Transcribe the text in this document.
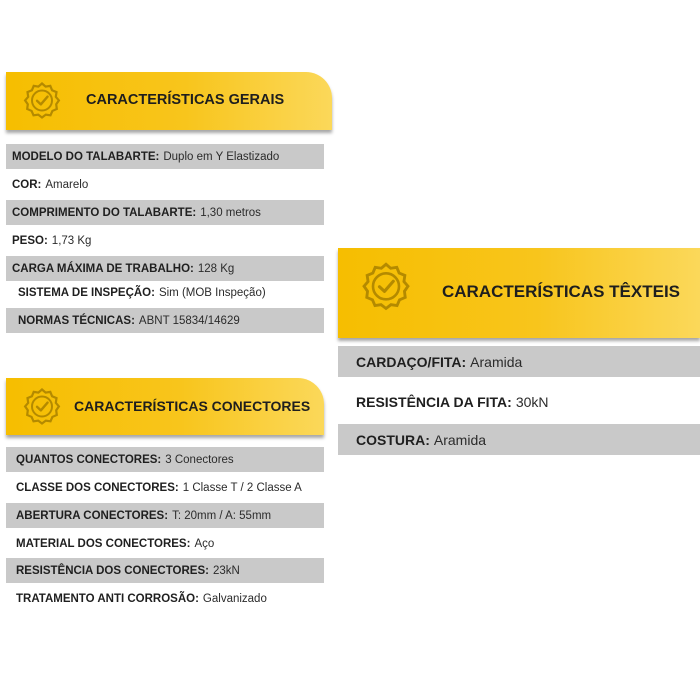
CARACTERÍSTICAS GERAIS
MODELO DO TALABARTE: Duplo em Y Elastizado
COR: Amarelo
COMPRIMENTO DO TALABARTE: 1,30 metros
PESO: 1,73 Kg
CARGA MÁXIMA DE TRABALHO: 128 Kg
SISTEMA DE INSPEÇÃO: Sim (MOB Inspeção)
NORMAS TÉCNICAS: ABNT 15834/14629
CARACTERÍSTICAS CONECTORES
QUANTOS CONECTORES: 3 Conectores
CLASSE DOS CONECTORES: 1 Classe T / 2 Classe A
ABERTURA CONECTORES: T: 20mm / A: 55mm
MATERIAL DOS CONECTORES: Aço
RESISTÊNCIA DOS CONECTORES: 23kN
TRATAMENTO ANTI CORROSÃO: Galvanizado
CARACTERÍSTICAS TÊXTEIS
CARDAÇO/FITA: Aramida
RESISTÊNCIA DA FITA: 30kN
COSTURA: Aramida
